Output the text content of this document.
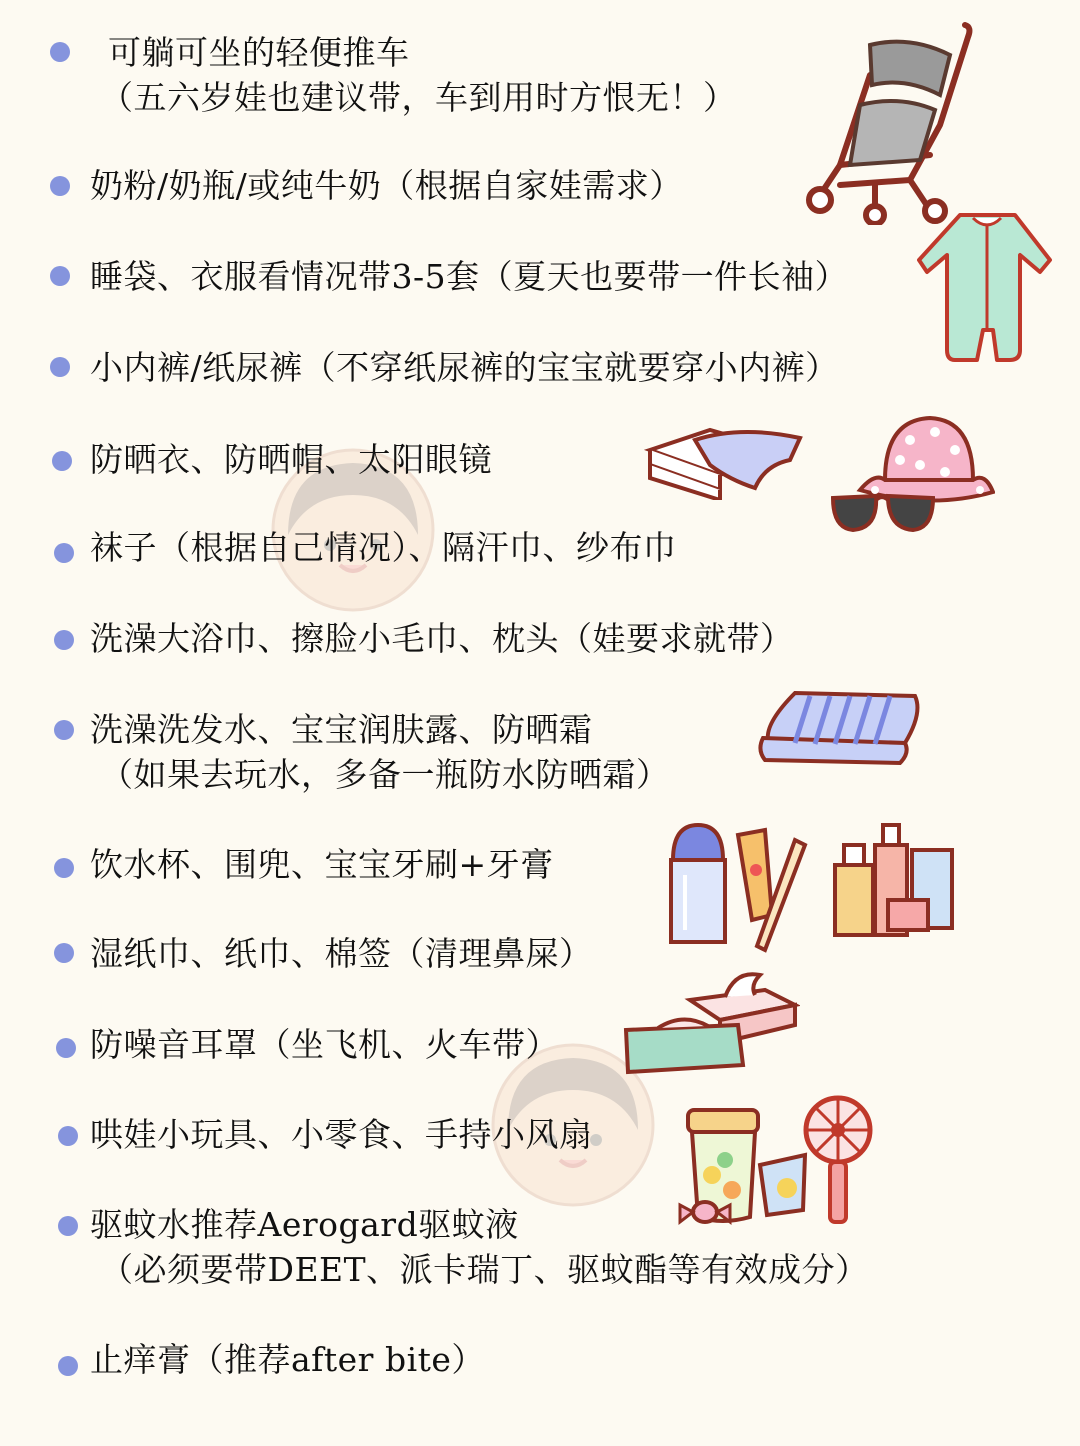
可躺可坐的轻便推车
（五六岁娃也建议带，车到用时方恨无！）
奶粉/奶瓶/或纯牛奶（根据自家娃需求）
睡袋、衣服看情况带3-5套（夏天也要带一件长袖）
小内裤/纸尿裤（不穿纸尿裤的宝宝就要穿小内裤）
防晒衣、防晒帽、太阳眼镜
袜子（根据自己情况）、隔汗巾、纱布巾
洗澡大浴巾、擦脸小毛巾、枕头（娃要求就带）
洗澡洗发水、宝宝润肤露、防晒霜
（如果去玩水，多备一瓶防水防晒霜）
饮水杯、围兜、宝宝牙刷+牙膏
湿纸巾、纸巾、棉签（清理鼻屎）
防噪音耳罩（坐飞机、火车带）
哄娃小玩具、小零食、手持小风扇
驱蚊水推荐Aerogard驱蚊液
（必须要带DEET、派卡瑞丁、驱蚊酯等有效成分）
止痒膏（推荐after bite）
